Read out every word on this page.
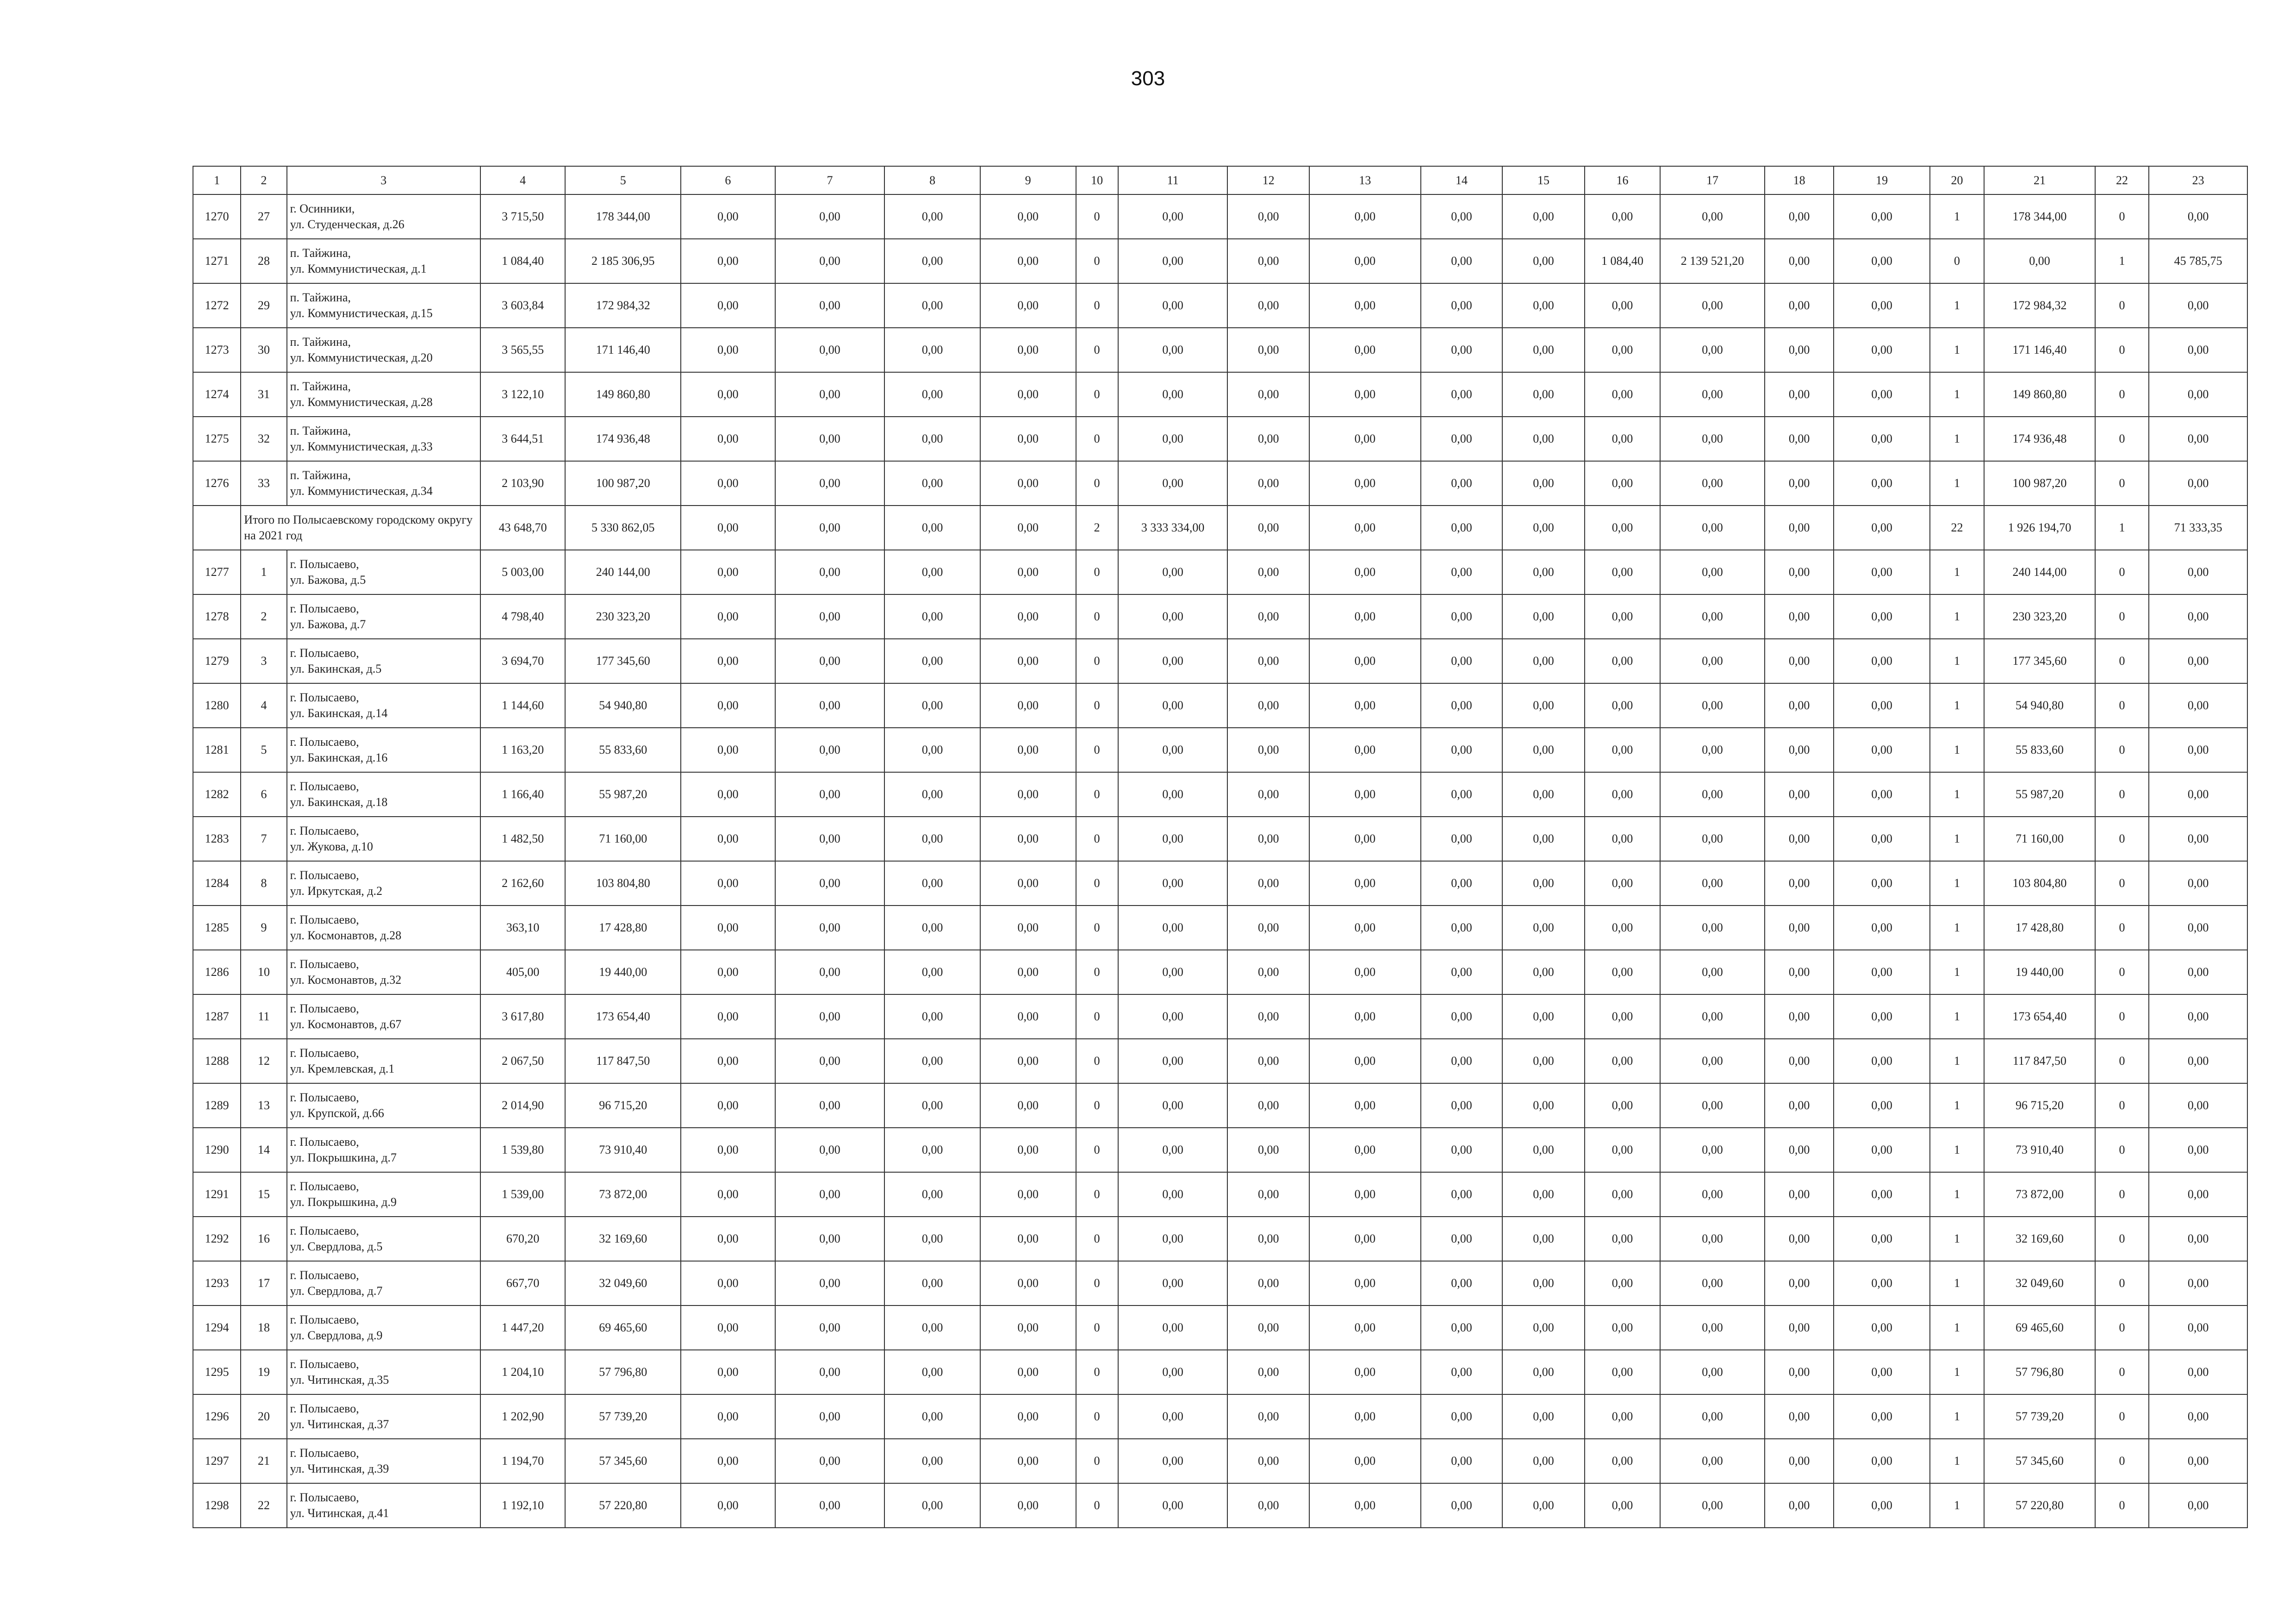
303
1	2	3	4	5	6	7	8	9	10	11	12	13	14	15	16	17	18	19	20	21	22	23
1270	27	г. Осинники,
ул. Студенческая, д.26	3 715,50	178 344,00	0,00	0,00	0,00	0,00	0	0,00	0,00	0,00	0,00	0,00	0,00	0,00	0,00	0,00	1	178 344,00	0	0,00
1271	28	п. Тайжина,
ул. Коммунистическая, д.1	1 084,40	2 185 306,95	0,00	0,00	0,00	0,00	0	0,00	0,00	0,00	0,00	0,00	1 084,40	2 139 521,20	0,00	0,00	0	0,00	1	45 785,75
1272	29	п. Тайжина,
ул. Коммунистическая, д.15	3 603,84	172 984,32	0,00	0,00	0,00	0,00	0	0,00	0,00	0,00	0,00	0,00	0,00	0,00	0,00	0,00	1	172 984,32	0	0,00
1273	30	п. Тайжина,
ул. Коммунистическая, д.20	3 565,55	171 146,40	0,00	0,00	0,00	0,00	0	0,00	0,00	0,00	0,00	0,00	0,00	0,00	0,00	0,00	1	171 146,40	0	0,00
1274	31	п. Тайжина,
ул. Коммунистическая, д.28	3 122,10	149 860,80	0,00	0,00	0,00	0,00	0	0,00	0,00	0,00	0,00	0,00	0,00	0,00	0,00	0,00	1	149 860,80	0	0,00
1275	32	п. Тайжина,
ул. Коммунистическая, д.33	3 644,51	174 936,48	0,00	0,00	0,00	0,00	0	0,00	0,00	0,00	0,00	0,00	0,00	0,00	0,00	0,00	1	174 936,48	0	0,00
1276	33	п. Тайжина,
ул. Коммунистическая, д.34	2 103,90	100 987,20	0,00	0,00	0,00	0,00	0	0,00	0,00	0,00	0,00	0,00	0,00	0,00	0,00	0,00	1	100 987,20	0	0,00
	Итого по Полысаевскому городскому округу на 2021 год		43 648,70	5 330 862,05	0,00	0,00	0,00	0,00	2	3 333 334,00	0,00	0,00	0,00	0,00	0,00	0,00	0,00	0,00	22	1 926 194,70	1	71 333,35
1277	1	г. Полысаево,
ул. Бажова, д.5	5 003,00	240 144,00	0,00	0,00	0,00	0,00	0	0,00	0,00	0,00	0,00	0,00	0,00	0,00	0,00	0,00	1	240 144,00	0	0,00
1278	2	г. Полысаево,
ул. Бажова, д.7	4 798,40	230 323,20	0,00	0,00	0,00	0,00	0	0,00	0,00	0,00	0,00	0,00	0,00	0,00	0,00	0,00	1	230 323,20	0	0,00
1279	3	г. Полысаево,
ул. Бакинская, д.5	3 694,70	177 345,60	0,00	0,00	0,00	0,00	0	0,00	0,00	0,00	0,00	0,00	0,00	0,00	0,00	0,00	1	177 345,60	0	0,00
1280	4	г. Полысаево,
ул. Бакинская, д.14	1 144,60	54 940,80	0,00	0,00	0,00	0,00	0	0,00	0,00	0,00	0,00	0,00	0,00	0,00	0,00	0,00	1	54 940,80	0	0,00
1281	5	г. Полысаево,
ул. Бакинская, д.16	1 163,20	55 833,60	0,00	0,00	0,00	0,00	0	0,00	0,00	0,00	0,00	0,00	0,00	0,00	0,00	0,00	1	55 833,60	0	0,00
1282	6	г. Полысаево,
ул. Бакинская, д.18	1 166,40	55 987,20	0,00	0,00	0,00	0,00	0	0,00	0,00	0,00	0,00	0,00	0,00	0,00	0,00	0,00	1	55 987,20	0	0,00
1283	7	г. Полысаево,
ул. Жукова, д.10	1 482,50	71 160,00	0,00	0,00	0,00	0,00	0	0,00	0,00	0,00	0,00	0,00	0,00	0,00	0,00	0,00	1	71 160,00	0	0,00
1284	8	г. Полысаево,
ул. Иркутская, д.2	2 162,60	103 804,80	0,00	0,00	0,00	0,00	0	0,00	0,00	0,00	0,00	0,00	0,00	0,00	0,00	0,00	1	103 804,80	0	0,00
1285	9	г. Полысаево,
ул. Космонавтов, д.28	363,10	17 428,80	0,00	0,00	0,00	0,00	0	0,00	0,00	0,00	0,00	0,00	0,00	0,00	0,00	0,00	1	17 428,80	0	0,00
1286	10	г. Полысаево,
ул. Космонавтов, д.32	405,00	19 440,00	0,00	0,00	0,00	0,00	0	0,00	0,00	0,00	0,00	0,00	0,00	0,00	0,00	0,00	1	19 440,00	0	0,00
1287	11	г. Полысаево,
ул. Космонавтов, д.67	3 617,80	173 654,40	0,00	0,00	0,00	0,00	0	0,00	0,00	0,00	0,00	0,00	0,00	0,00	0,00	0,00	1	173 654,40	0	0,00
1288	12	г. Полысаево,
ул. Кремлевская, д.1	2 067,50	117 847,50	0,00	0,00	0,00	0,00	0	0,00	0,00	0,00	0,00	0,00	0,00	0,00	0,00	0,00	1	117 847,50	0	0,00
1289	13	г. Полысаево,
ул. Крупской, д.66	2 014,90	96 715,20	0,00	0,00	0,00	0,00	0	0,00	0,00	0,00	0,00	0,00	0,00	0,00	0,00	0,00	1	96 715,20	0	0,00
1290	14	г. Полысаево,
ул. Покрышкина, д.7	1 539,80	73 910,40	0,00	0,00	0,00	0,00	0	0,00	0,00	0,00	0,00	0,00	0,00	0,00	0,00	0,00	1	73 910,40	0	0,00
1291	15	г. Полысаево,
ул. Покрышкина, д.9	1 539,00	73 872,00	0,00	0,00	0,00	0,00	0	0,00	0,00	0,00	0,00	0,00	0,00	0,00	0,00	0,00	1	73 872,00	0	0,00
1292	16	г. Полысаево,
ул. Свердлова, д.5	670,20	32 169,60	0,00	0,00	0,00	0,00	0	0,00	0,00	0,00	0,00	0,00	0,00	0,00	0,00	0,00	1	32 169,60	0	0,00
1293	17	г. Полысаево,
ул. Свердлова, д.7	667,70	32 049,60	0,00	0,00	0,00	0,00	0	0,00	0,00	0,00	0,00	0,00	0,00	0,00	0,00	0,00	1	32 049,60	0	0,00
1294	18	г. Полысаево,
ул. Свердлова, д.9	1 447,20	69 465,60	0,00	0,00	0,00	0,00	0	0,00	0,00	0,00	0,00	0,00	0,00	0,00	0,00	0,00	1	69 465,60	0	0,00
1295	19	г. Полысаево,
ул. Читинская, д.35	1 204,10	57 796,80	0,00	0,00	0,00	0,00	0	0,00	0,00	0,00	0,00	0,00	0,00	0,00	0,00	0,00	1	57 796,80	0	0,00
1296	20	г. Полысаево,
ул. Читинская, д.37	1 202,90	57 739,20	0,00	0,00	0,00	0,00	0	0,00	0,00	0,00	0,00	0,00	0,00	0,00	0,00	0,00	1	57 739,20	0	0,00
1297	21	г. Полысаево,
ул. Читинская, д.39	1 194,70	57 345,60	0,00	0,00	0,00	0,00	0	0,00	0,00	0,00	0,00	0,00	0,00	0,00	0,00	0,00	1	57 345,60	0	0,00
1298	22	г. Полысаево,
ул. Читинская, д.41	1 192,10	57 220,80	0,00	0,00	0,00	0,00	0	0,00	0,00	0,00	0,00	0,00	0,00	0,00	0,00	0,00	1	57 220,80	0	0,00
